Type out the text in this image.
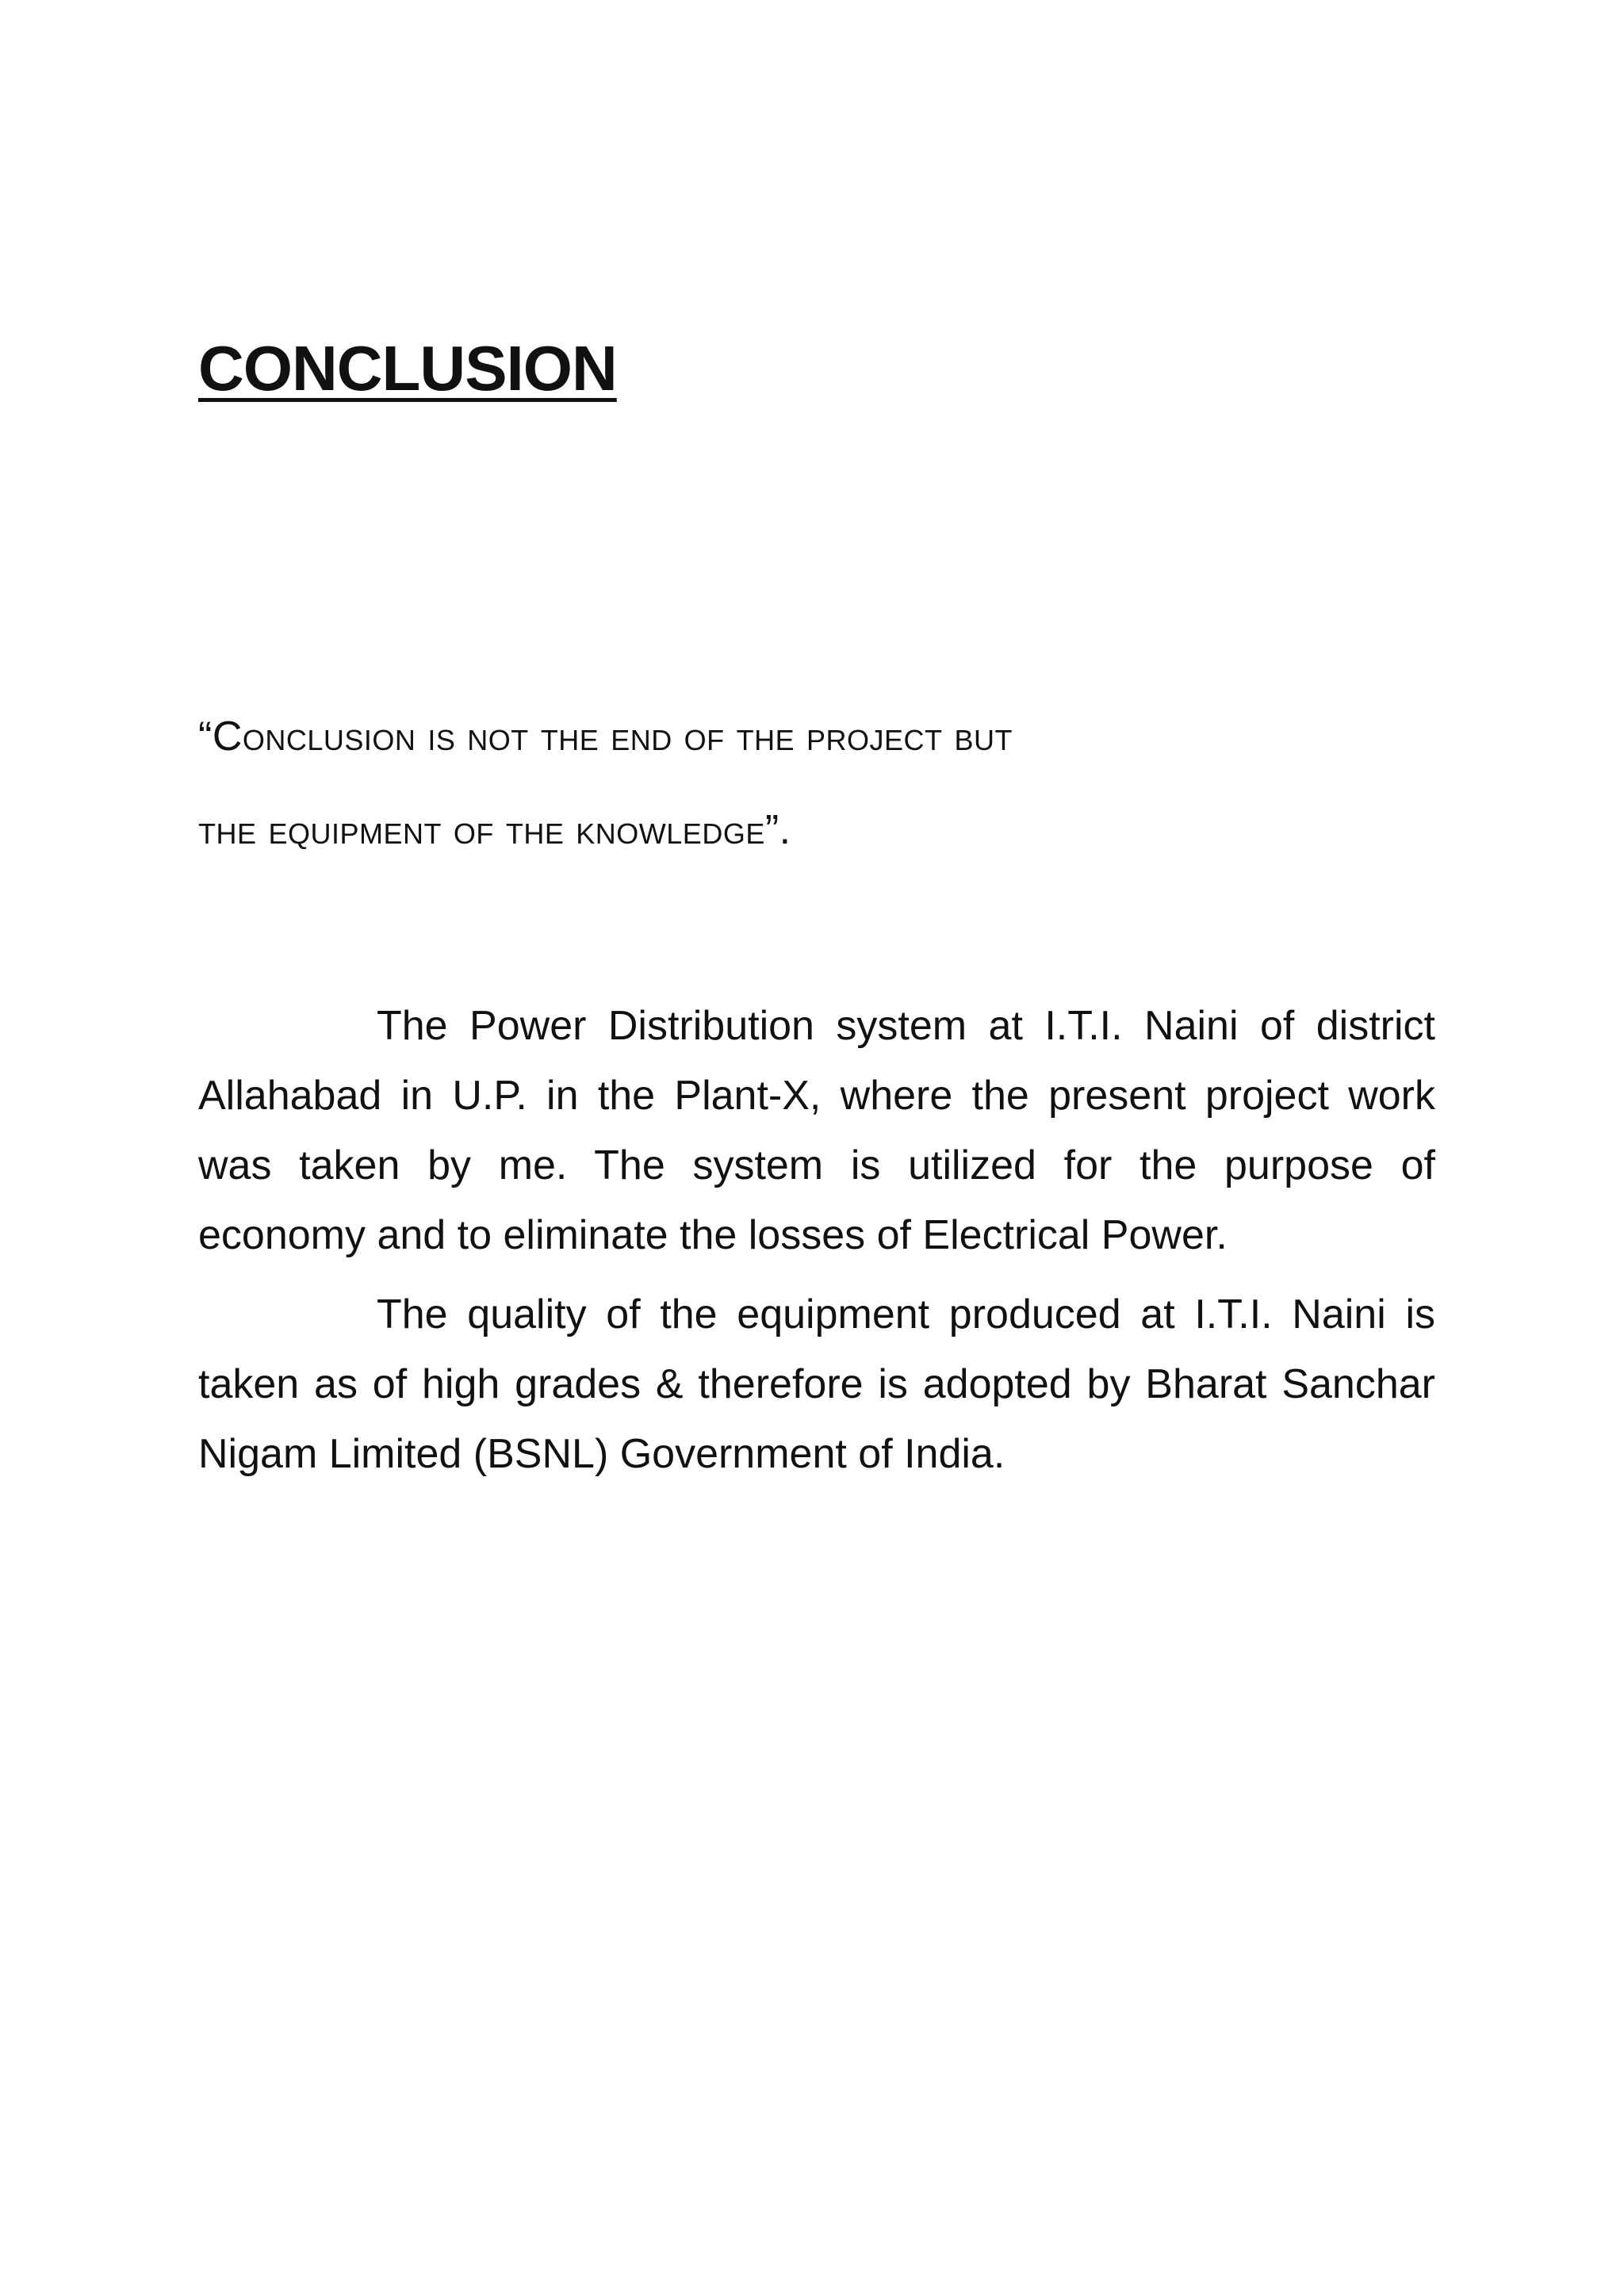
CONCLUSION

“Conclusion is not the end of the project but
the equipment of the knowledge”.

The Power Distribution system at I.T.I. Naini of district Allahabad in U.P. in the Plant-X, where the present project work was taken by me. The system is utilized for the purpose of economy and to eliminate the losses of Electrical Power.

The quality of the equipment produced at I.T.I. Naini is taken as of high grades & therefore is adopted by Bharat Sanchar Nigam Limited (BSNL) Government of India.
